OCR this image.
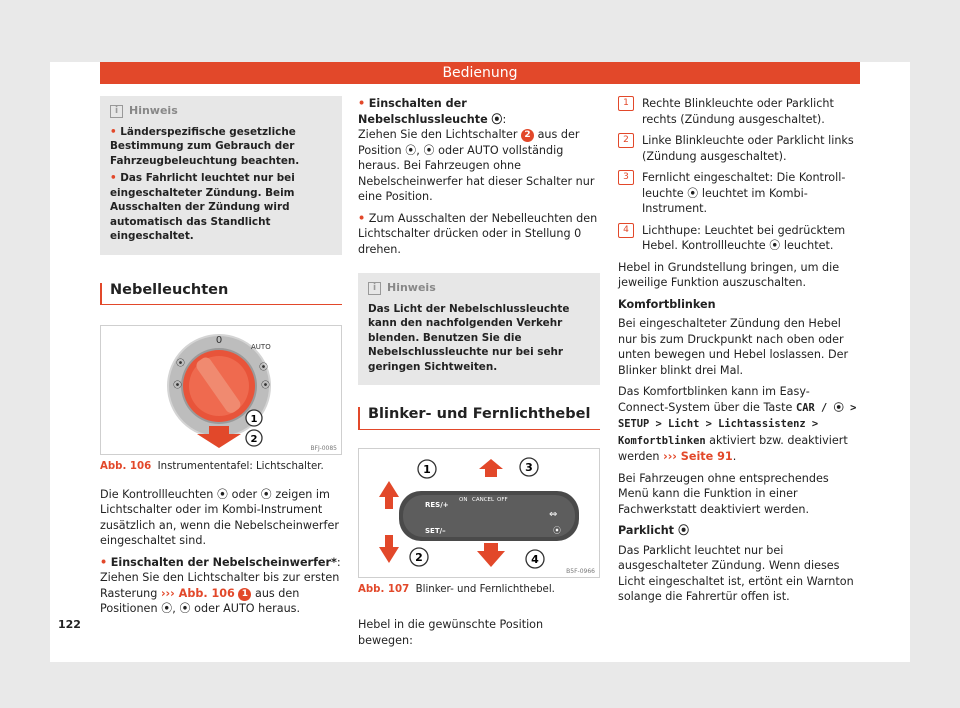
Bedienung
i Hinweis

• Länderspezifische gesetzliche Bestimmung zum Gebrauch der Fahrzeugbeleuchtung beachten.

• Das Fahrlicht leuchtet nur bei eingeschalteter Zündung. Beim Ausschalten der Zündung wird automatisch das Standlicht eingeschaltet.

Nebelleuchten
0
AUTO
⦿
⦿
⦿
⦿
1
2
BFJ-0085
Abb. 106 Instrumententafel: Lichtschalter.

Die Kontrollleuchten ⦿ oder ⦿ zeigen im Lichtschalter oder im Kombi-Instrument zusätzlich an, wenn die Nebelscheinwerfer eingeschaltet sind.

• Einschalten der Nebelscheinwerfer*: Ziehen Sie den Lichtschalter bis zur ersten Rasterung ››› Abb. 106 1 aus den Positionen ⦿, ⦿ oder AUTO heraus.

• Einschalten der Nebelschlussleuchte ⦿:
Ziehen Sie den Lichtschalter 2 aus der Position ⦿, ⦿ oder AUTO vollständig heraus. Bei Fahrzeugen ohne Nebelscheinwerfer hat dieser Schalter nur eine Position.

• Zum Ausschalten der Nebelleuchten den Lichtschalter drücken oder in Stellung 0 drehen.

i Hinweis

Das Licht der Nebelschlussleuchte kann den nachfolgenden Verkehr blenden. Benutzen Sie die Nebelschlussleuchte nur bei sehr geringen Sichtweiten.

Blinker- und Fernlichthebel
RES/+
SET/–
ON CANCEL OFF
⇔
⦿
1
2
3
4
B5F-0966
Abb. 107 Blinker- und Fernlichthebel.

Hebel in die gewünschte Position bewegen:

1	Rechte Blinkleuchte oder Parklicht rechts (Zündung ausgeschaltet).
2	Linke Blinkleuchte oder Parklicht links (Zündung ausgeschaltet).
3	Fernlicht eingeschaltet: Die Kontrollleuchte ⦿ leuchtet im Kombi-Instrument.
4	Lichthupe: Leuchtet bei gedrücktem Hebel. Kontrollleuchte ⦿ leuchtet.

Hebel in Grundstellung bringen, um die jeweilige Funktion auszuschalten.

Komfortblinken

Bei eingeschalteter Zündung den Hebel nur bis zum Druckpunkt nach oben oder unten bewegen und Hebel loslassen. Der Blinker blinkt drei Mal.

Das Komfortblinken kann im Easy-Connect-System über die Taste CAR / ⦿ > SETUP > Licht > Lichtassistenz > Komfortblinken aktiviert bzw. deaktiviert werden ››› Seite 91.

Bei Fahrzeugen ohne entsprechendes Menü kann die Funktion in einer Fachwerkstatt deaktiviert werden.

Parklicht ⦿

Das Parklicht leuchtet nur bei ausgeschalteter Zündung. Wenn dieses Licht eingeschaltet ist, ertönt ein Warnton solange die Fahrertür offen ist.

122
